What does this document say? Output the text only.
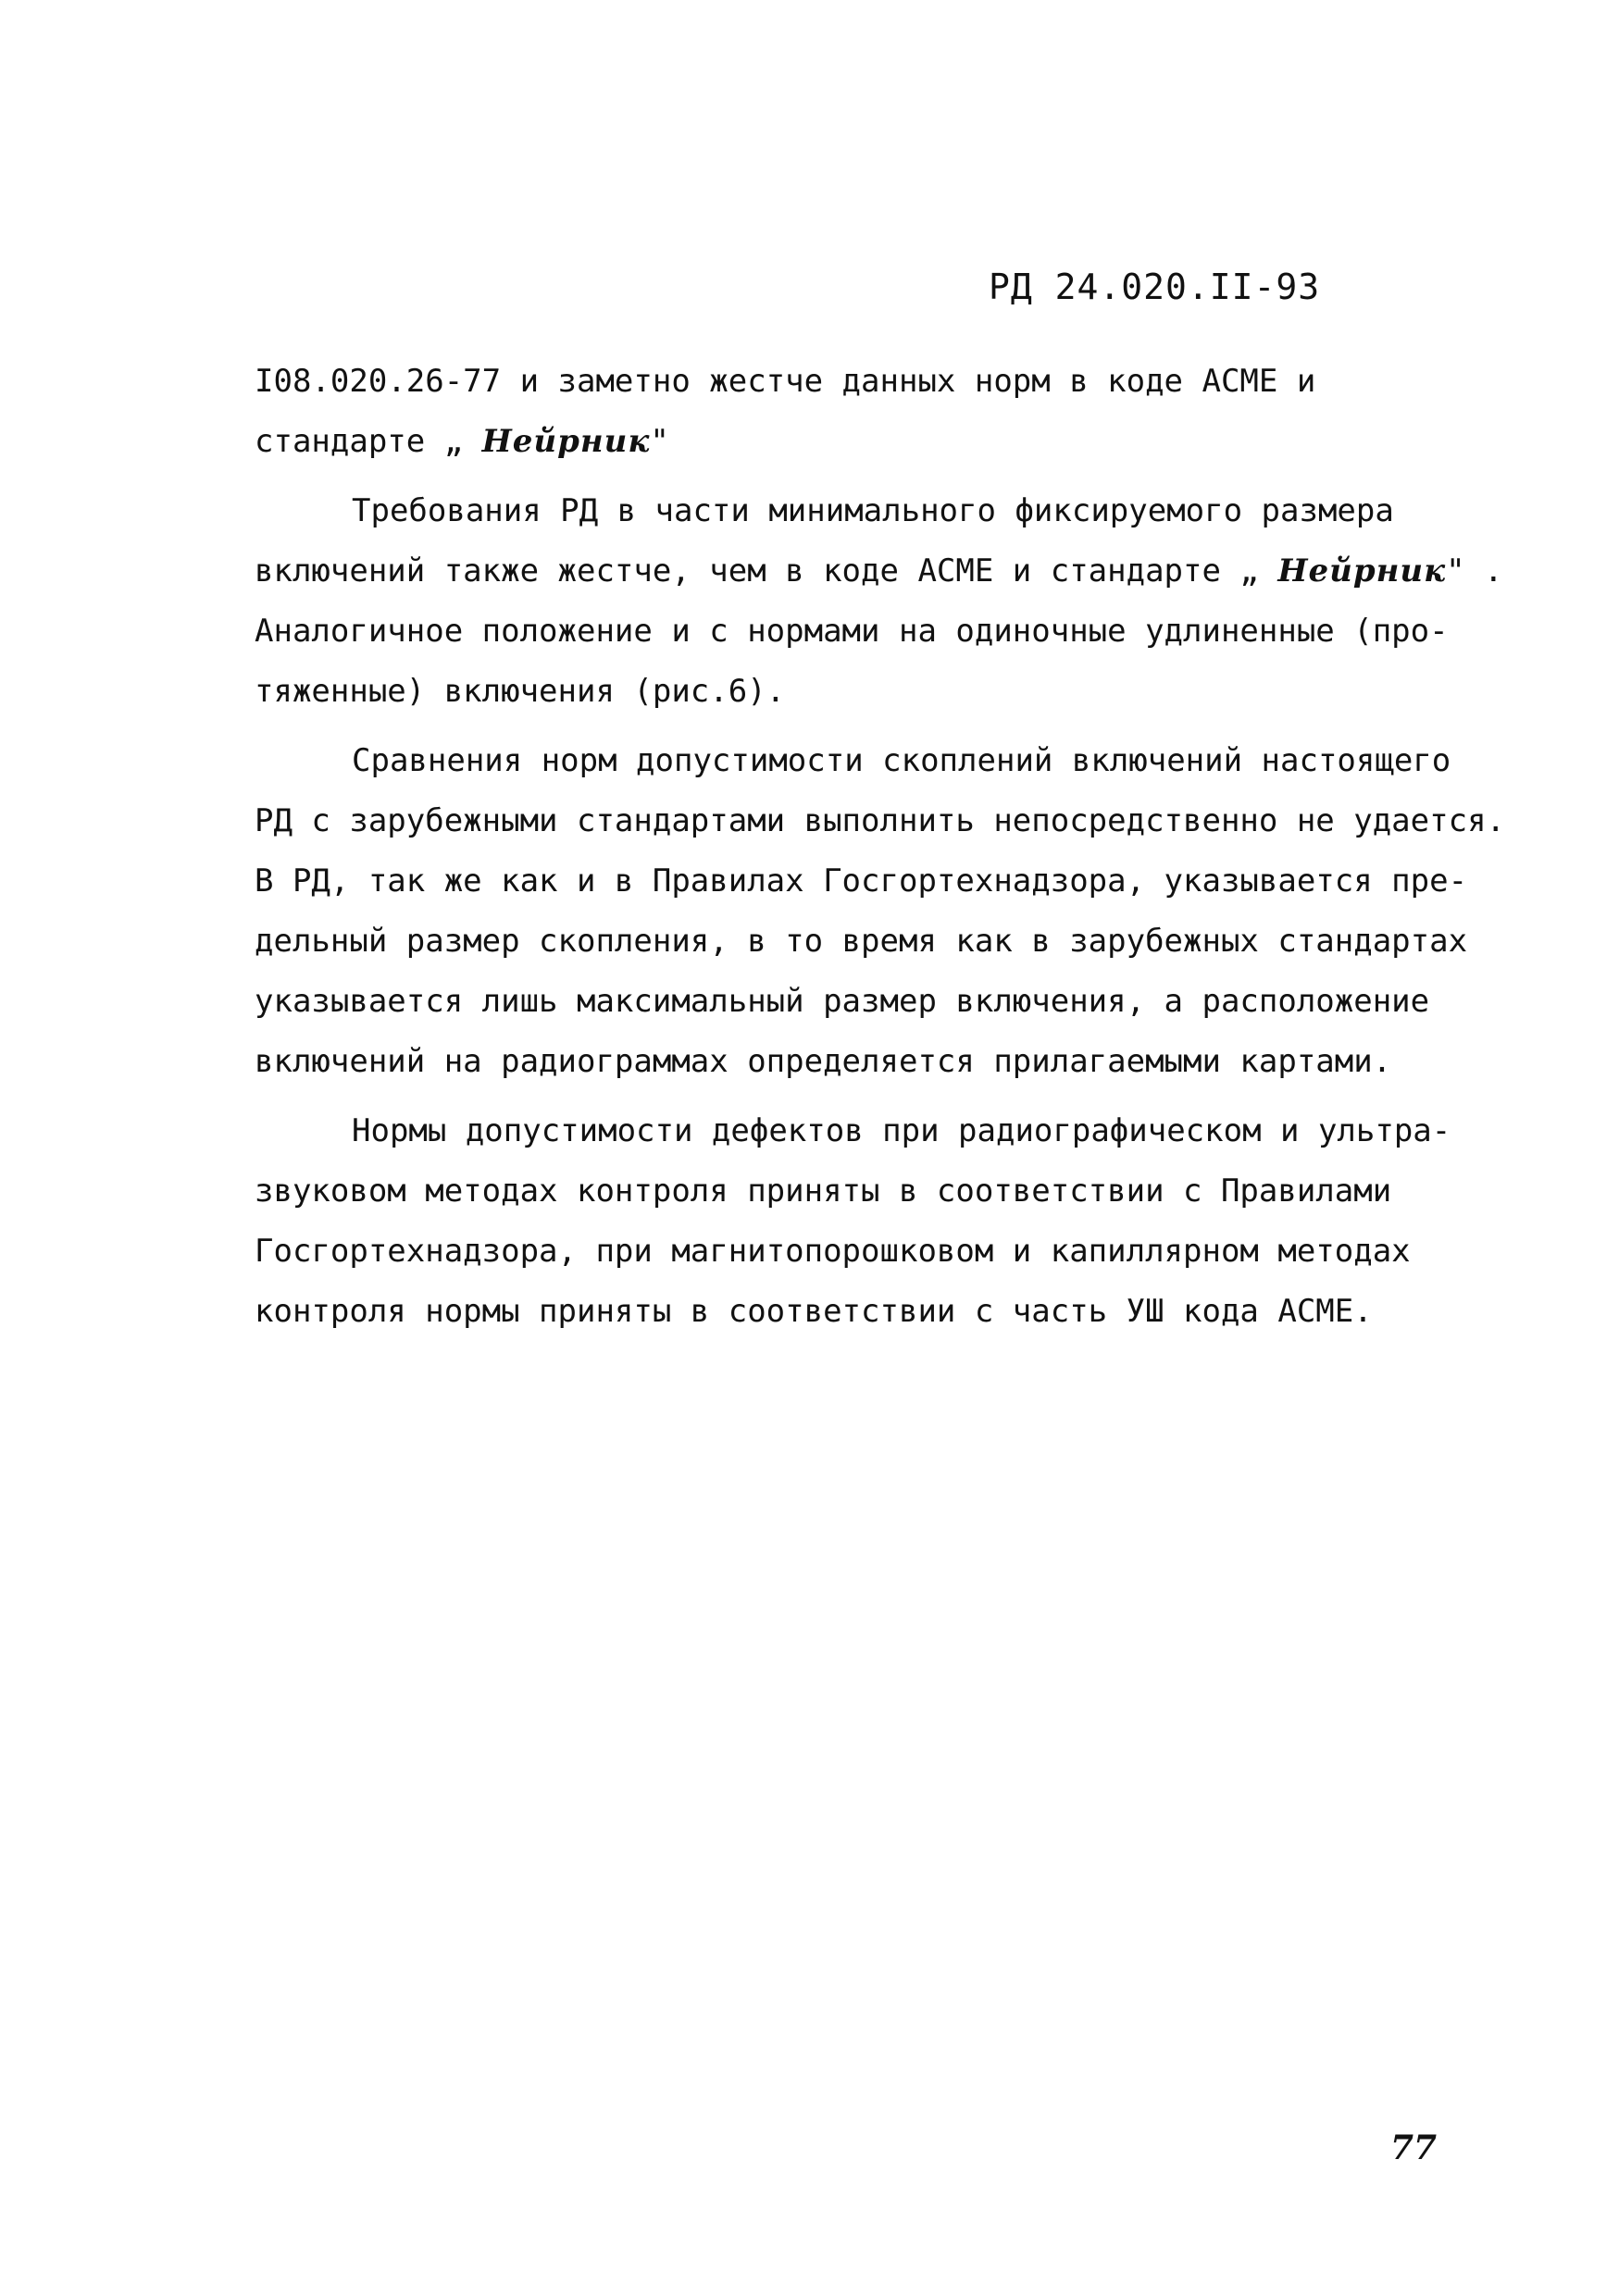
РД 24.020.II-93
I08.020.26-77 и заметно жестче данных норм в коде АСМЕ и
стандарте „ Нейрник"
Требования РД в части минимального фиксируемого размера
включений также жестче, чем в коде АСМЕ и стандарте „ Нейрник" .
Аналогичное положение и с нормами на одиночные удлиненные (про-
тяженные) включения (рис.6).
Сравнения норм допустимости скоплений включений настоящего
РД с зарубежными стандартами выполнить непосредственно не удается.
В РД, так же как и в Правилах Госгортехнадзора, указывается пре-
дельный размер скопления, в то время как в зарубежных стандартах
указывается лишь максимальный размер включения, а расположение
включений на радиограммах определяется прилагаемыми картами.
Нормы допустимости дефектов при радиографическом и ультра-
звуковом методах контроля приняты в соответствии с Правилами
Госгортехнадзора, при магнитопорошковом и капиллярном методах
контроля нормы приняты в соответствии с часть УШ кода АСМЕ.
77
